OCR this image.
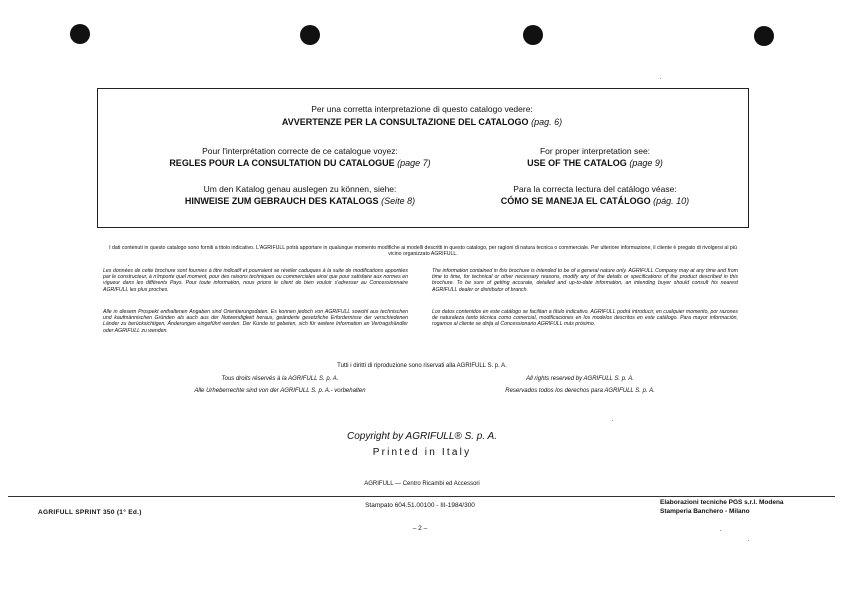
Per una corretta interpretazione di questo catalogo vedere:
AVVERTENZE PER LA CONSULTAZIONE DEL CATALOGO (pag. 6)
Pour l'interprétation correcte de ce catalogue voyez:
REGLES POUR LA CONSULTATION DU CATALOGUE (page 7)
For proper interpretation see:
USE OF THE CATALOG (page 9)
Um den Katalog genau auslegen zu können, siehe:
HINWEISE ZUM GEBRAUCH DES KATALOGS (Seite 8)
Para la correcta lectura del catálogo véase:
CÓMO SE MANEJA EL CATÁLOGO (pág. 10)
I dati contenuti in questo catalogo sono forniti a titolo indicativo. L'AGRIFULL potrà apportare in qualunque momento modifiche ai modelli descritti in questo catalogo, per ragioni di natura tecnica o commerciale. Per ulteriore informazione, il cliente è pregato di rivolgersi al più vicino organizzato AGRIFULL.
Les données de cette brochure sont fournies à titre indicatif et pourraient se révéler caduques à la suite de modifications apportées par le constructeur, à n'importe quel moment, pour des raisons techniques ou commerciales ainsi que pour satisfaire aux normes en vigueur dans les différents Pays. Pour toute information, nous prions le client de bien vouloir s'adresser au Concessionnaire AGRIFULL les plus proches.
The information contained in this brochure is intended to be of a general nature only. AGRIFULL Company may at any time and from time to time, for technical or other necessary reasons, modify any of the details or specifications of the product described in this brochure. To be sure of getting accurate, detailed and up-to-date information, an intending buyer should consult his nearest AGRIFULL dealer or distributor of branch.
Alle in diesem Prospekt enthaltenen Angaben sind Orientierungsdaten. Es konnen jedoch von AGRIFULL sowohl aus technischen und kaufmännischen Gründen als auch aus der Notwendigkeit heraus, geänderte gesetzliche Erfordernisse der verschiedenen Länder zu berücksichtigen, Änderungen eingeführt werden. Der Kunde ist gebeten, sich für weitere Information an Vertragshändler oder AGRIFULL zu wenden.
Los datos contenidos en este catálogo se facilitan a título indicativo. AGRIFULL podrá introducir, en cualquier momento, por razones de naturaleza tanto técnica como comercial, modificaciones en los modelos descritos en este catálogo. Para mayor información, rogamos al cliente se dirija al Concessionario AGRIFULL más próximo.
Tutti i diritti di riproduzione sono riservati alla AGRIFULL S. p. A.
Tous droits réservés à la AGRIFULL S. p. A.	All rights reserved by AGRIFULL S. p. A.
Alle Urheberrechte sind von der AGRIFULL S. p. A.- vorbehalten	Reservados todos los derechos para AGRIFULL S. p. A.
Copyright by AGRIFULL® S. p. A.
Printed in Italy
AGRIFULL — Centro Ricambi ed Accessori
AGRIFULL SPRINT 350 (1° Ed.)
Stampato 604.51.00100 - III-1984/300	Elaborazioni tecniche PGS s.r.l. Modena
Stamperia Banchero - Milano
– 2 –
